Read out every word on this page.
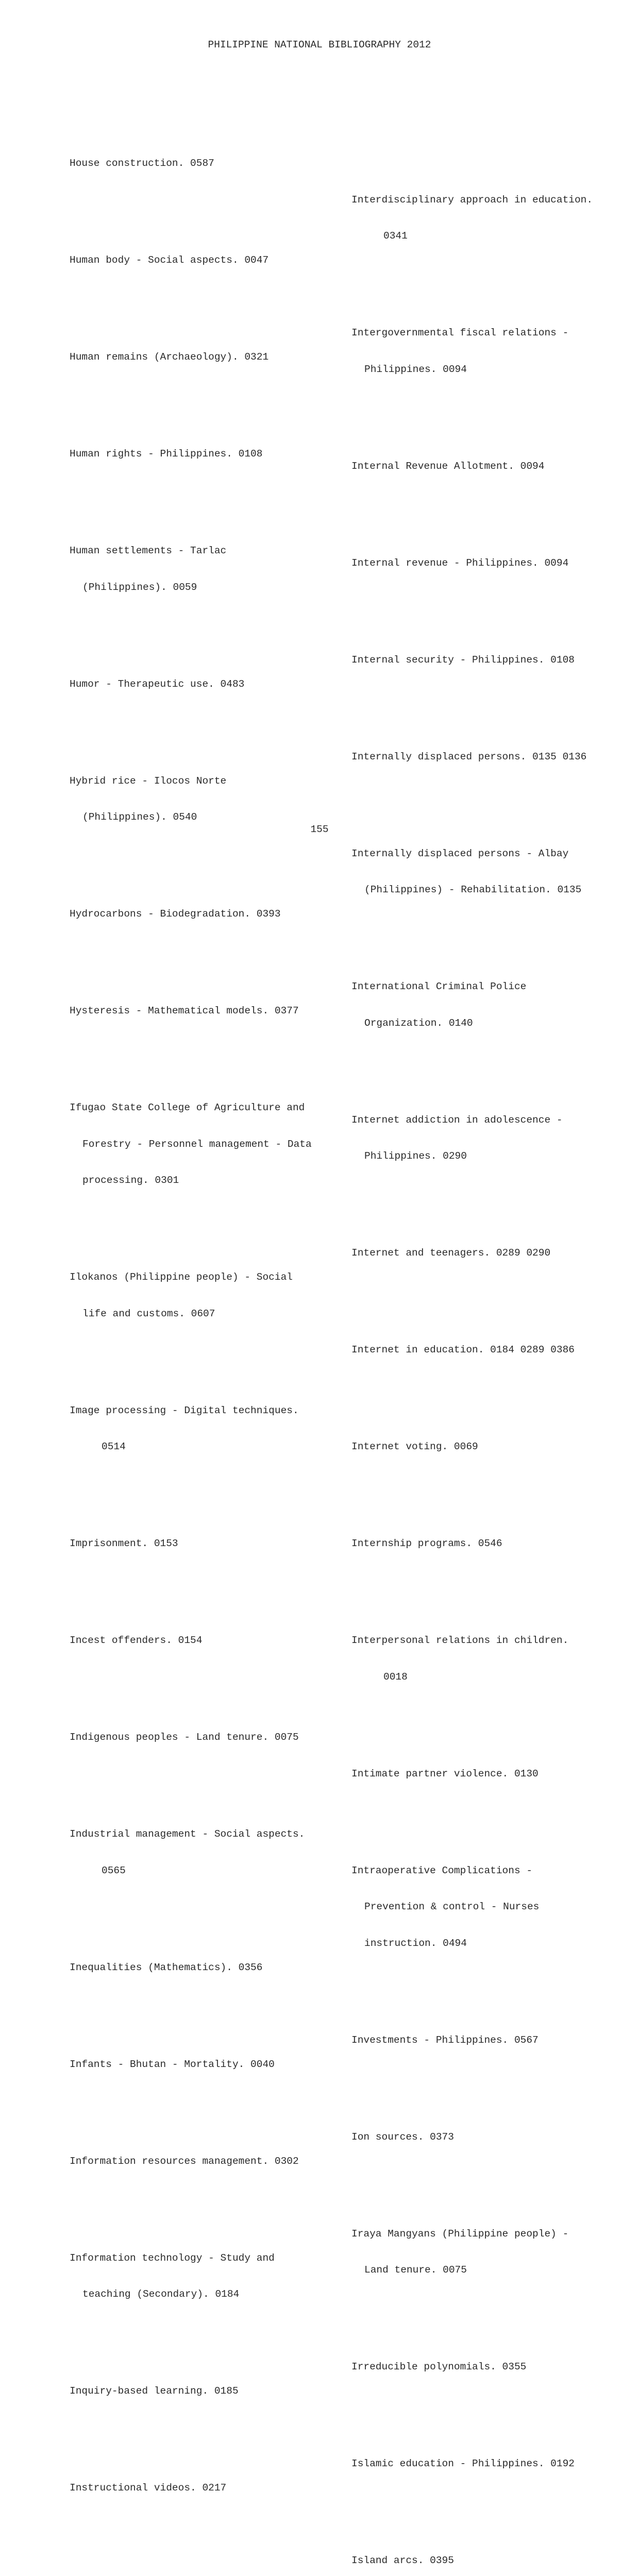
PHILIPPINE NATIONAL BIBLIOGRAPHY 2012

House construction. 0587

Human body - Social aspects. 0047

Human remains (Archaeology). 0321

Human rights - Philippines. 0108

Human settlements - Tarlac

(Philippines). 0059

Humor - Therapeutic use. 0483

Hybrid rice - Ilocos Norte

(Philippines). 0540

Hydrocarbons - Biodegradation. 0393

Hysteresis - Mathematical models. 0377

Ifugao State College of Agriculture and

Forestry - Personnel management - Data

processing. 0301

Ilokanos (Philippine people) - Social

life and customs. 0607

Image processing - Digital techniques.

0514

Imprisonment. 0153

Incest offenders. 0154

Indigenous peoples - Land tenure. 0075

Industrial management - Social aspects.

0565

Inequalities (Mathematics). 0356

Infants - Bhutan - Mortality. 0040

Information resources management. 0302

Information technology - Study and

teaching (Secondary). 0184

Inquiry-based learning. 0185

Instructional videos. 0217

Interdisciplinary approach in education.

0341

Intergovernmental fiscal relations -

Philippines. 0094

Internal Revenue Allotment. 0094

Internal revenue - Philippines. 0094

Internal security - Philippines. 0108

Internally displaced persons. 0135 0136

Internally displaced persons - Albay

(Philippines) - Rehabilitation. 0135

International Criminal Police

Organization. 0140

Internet addiction in adolescence -

Philippines. 0290

Internet and teenagers. 0289 0290

Internet in education. 0184 0289 0386

Internet voting. 0069

Internship programs. 0546

Interpersonal relations in children.

0018

Intimate partner violence. 0130

Intraoperative Complications -

Prevention & control - Nurses

instruction. 0494

Investments - Philippines. 0567

Ion sources. 0373

Iraya Mangyans (Philippine people) -

Land tenure. 0075

Irreducible polynomials. 0355

Islamic education - Philippines. 0192

Island arcs. 0395

155
